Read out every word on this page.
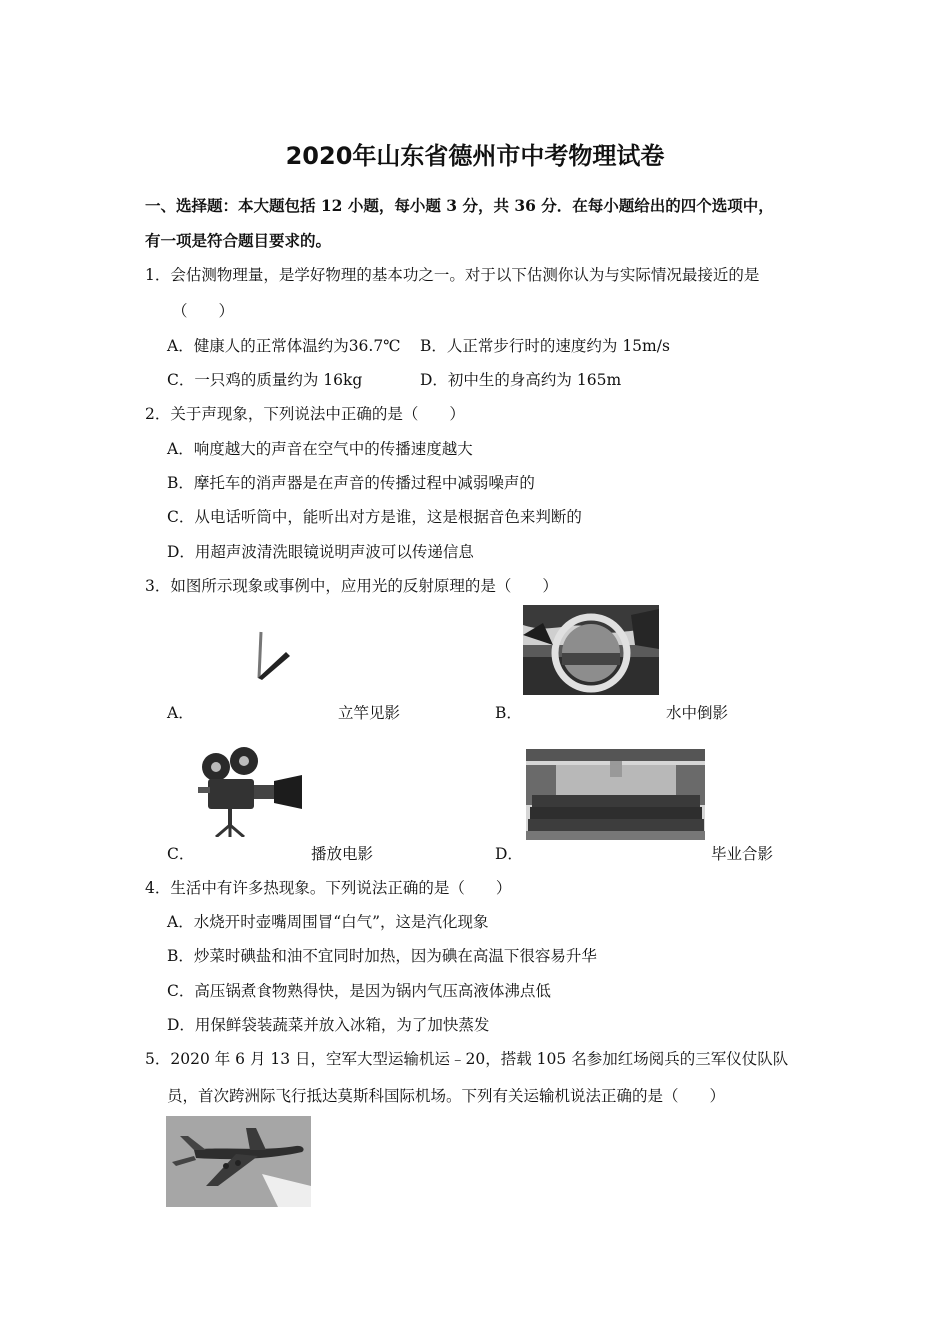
2020年山东省德州市中考物理试卷
一、选择题：本大题包括 12 小题，每小题 3 分，共 36 分．在每小题给出的四个选项中，
有一项是符合题目要求的。
1．会估测物理量，是学好物理的基本功之一。对于以下估测你认为与实际情况最接近的是
（　　）
A．健康人的正常体温约为36.7℃ B．人正常步行时的速度约为 15m/s
C．一只鸡的质量约为 16kg	D．初中生的身高约为 165m
2．关于声现象，下列说法中正确的是（　　）
A．响度越大的声音在空气中的传播速度越大
B．摩托车的消声器是在声音的传播过程中减弱噪声的
C．从电话听筒中，能听出对方是谁，这是根据音色来判断的
D．用超声波清洗眼镜说明声波可以传递信息
3．如图所示现象或事例中，应用光的反射原理的是（　　）
A．	立竿见影	B．	水中倒影
C．	播放电影	D．	毕业合影
4．生活中有许多热现象。下列说法正确的是（　　）
A．水烧开时壶嘴周围冒“白气”，这是汽化现象
B．炒菜时碘盐和油不宜同时加热，因为碘在高温下很容易升华
C．高压锅煮食物熟得快，是因为锅内气压高液体沸点低
D．用保鲜袋装蔬菜并放入冰箱，为了加快蒸发
5．2020 年 6 月 13 日，空军大型运输机运﹣20，搭载 105 名参加红场阅兵的三军仪仗队队
员，首次跨洲际飞行抵达莫斯科国际机场。下列有关运输机说法正确的是（　　）
